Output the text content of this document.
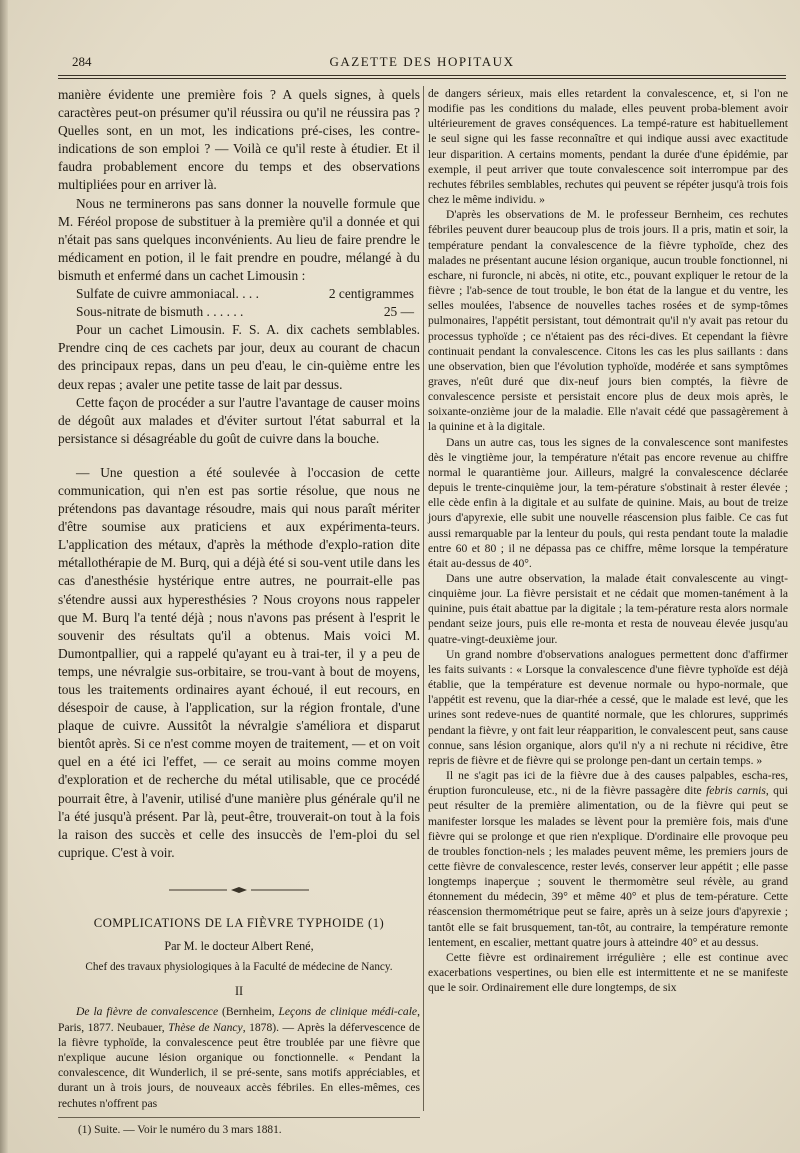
284	GAZETTE DES HOPITAUX

manière évidente une première fois ? A quels signes, à quels caractères peut-on présumer qu'il réussira ou qu'il ne réussira pas ? Quelles sont, en un mot, les indications pré-cises, les contre-indications de son emploi ? — Voilà ce qu'il reste à étudier. Et il faudra probablement encore du temps et des observations multipliées pour en arriver là.

Nous ne terminerons pas sans donner la nouvelle formule que M. Féréol propose de substituer à la première qu'il a donnée et qui n'était pas sans quelques inconvénients. Au lieu de faire prendre le médicament en potion, il le fait prendre en poudre, mélangé à du bismuth et enfermé dans un cachet Limousin :

Sulfate de cuivre ammoniacal. . . .	2 centigrammes
Sous-nitrate de bismuth . . . . . .	25 —

Pour un cachet Limousin. F. S. A. dix cachets semblables. Prendre cinq de ces cachets par jour, deux au courant de chacun des principaux repas, dans un peu d'eau, le cin-quième entre les deux repas ; avaler une petite tasse de lait par dessus.

Cette façon de procéder a sur l'autre l'avantage de causer moins de dégoût aux malades et d'éviter surtout l'état saburral et la persistance si désagréable du goût de cuivre dans la bouche.

— Une question a été soulevée à l'occasion de cette communication, qui n'en est pas sortie résolue, que nous ne prétendons pas davantage résoudre, mais qui nous paraît mériter d'être soumise aux praticiens et aux expérimenta-teurs. L'application des métaux, d'après la méthode d'explo-ration dite métallothérapie de M. Burq, qui a déjà été si sou-vent utile dans les cas d'anesthésie hystérique entre autres, ne pourrait-elle pas s'étendre aussi aux hyperesthésies ? Nous croyons nous rappeler que M. Burq l'a tenté déjà ; nous n'avons pas présent à l'esprit le souvenir des résultats qu'il a obtenus. Mais voici M. Dumontpallier, qui a rappelé qu'ayant eu à trai-ter, il y a peu de temps, une névralgie sus-orbitaire, se trou-vant à bout de moyens, tous les traitements ordinaires ayant échoué, il eut recours, en désespoir de cause, à l'application, sur la région frontale, d'une plaque de cuivre. Aussitôt la névralgie s'améliora et disparut bientôt après. Si ce n'est comme moyen de traitement, — et on voit quel en a été ici l'effet, — ce serait au moins comme moyen d'exploration et de recherche du métal utilisable, que ce procédé pourrait être, à l'avenir, utilisé d'une manière plus générale qu'il ne l'a été jusqu'à présent. Par là, peut-être, trouverait-on tout à la fois la raison des succès et celle des insuccès de l'em-ploi du sel cuprique. C'est à voir.

COMPLICATIONS DE LA FIÈVRE TYPHOIDE (1)
Par M. le docteur Albert René,
Chef des travaux physiologiques à la Faculté de médecine de Nancy.
II

De la fièvre de convalescence (Bernheim, Leçons de clinique médi-cale, Paris, 1877. Neubauer, Thèse de Nancy, 1878). — Après la défervescence de la fièvre typhoïde, la convalescence peut être troublée par une fièvre que n'explique aucune lésion organique ou fonctionnelle. « Pendant la convalescence, dit Wunderlich, il se pré-sente, sans motifs appréciables, et durant un à trois jours, de nouveaux accès fébriles. En elles-mêmes, ces rechutes n'offrent pas

(1) Suite. — Voir le numéro du 3 mars 1881.

de dangers sérieux, mais elles retardent la convalescence, et, si l'on ne modifie pas les conditions du malade, elles peuvent proba-blement avoir ultérieurement de graves conséquences. La tempé-rature est habituellement le seul signe qui les fasse reconnaître et qui indique aussi avec exactitude leur disparition. A certains moments, pendant la durée d'une épidémie, par exemple, il peut arriver que toute convalescence soit interrompue par des rechutes fébriles semblables, rechutes qui peuvent se répéter jusqu'à trois fois chez le même individu. »

D'après les observations de M. le professeur Bernheim, ces rechutes fébriles peuvent durer beaucoup plus de trois jours. Il a pris, matin et soir, la température pendant la convalescence de la fièvre typhoïde, chez des malades ne présentant aucune lésion organique, aucun trouble fonctionnel, ni eschare, ni furoncle, ni abcès, ni otite, etc., pouvant expliquer le retour de la fièvre ; l'ab-sence de tout trouble, le bon état de la langue et du ventre, les selles moulées, l'absence de nouvelles taches rosées et de symp-tômes pulmonaires, l'appétit persistant, tout démontrait qu'il n'y avait pas retour du processus typhoïde ; ce n'étaient pas des réci-dives. Et cependant la fièvre continuait pendant la convalescence. Citons les cas les plus saillants : dans une observation, bien que l'évolution typhoïde, modérée et sans symptômes graves, n'eût duré que dix-neuf jours bien comptés, la fièvre de convalescence persiste et persistait encore plus de deux mois après, le soixante-onzième jour de la maladie. Elle n'avait cédé que passagèrement à la quinine et à la digitale.

Dans un autre cas, tous les signes de la convalescence sont manifestes dès le vingtième jour, la température n'était pas encore revenue au chiffre normal le quarantième jour. Ailleurs, malgré la convalescence déclarée depuis le trente-cinquième jour, la tem-pérature s'obstinait à rester élevée ; elle cède enfin à la digitale et au sulfate de quinine. Mais, au bout de treize jours d'apyrexie, elle subit une nouvelle réascension plus faible. Ce cas fut aussi remarquable par la lenteur du pouls, qui resta pendant toute la maladie entre 60 et 80 ; il ne dépassa pas ce chiffre, même lorsque la température était au-dessus de 40°.

Dans une autre observation, la malade était convalescente au vingt-cinquième jour. La fièvre persistait et ne cédait que momen-tanément à la quinine, puis était abattue par la digitale ; la tem-pérature resta alors normale pendant seize jours, puis elle re-monta et resta de nouveau élevée jusqu'au quatre-vingt-deuxième jour.

Un grand nombre d'observations analogues permettent donc d'affirmer les faits suivants : « Lorsque la convalescence d'une fièvre typhoïde est déjà établie, que la température est devenue normale ou hypo-normale, que l'appétit est revenu, que la diar-rhée a cessé, que le malade est levé, que les urines sont redeve-nues de quantité normale, que les chlorures, supprimés pendant la fièvre, y ont fait leur réapparition, le convalescent peut, sans cause connue, sans lésion organique, alors qu'il n'y a ni rechute ni récidive, être repris de fièvre et de fièvre qui se prolonge pen-dant un certain temps. »

Il ne s'agit pas ici de la fièvre due à des causes palpables, escha-res, éruption furonculeuse, etc., ni de la fièvre passagère dite febris carnis, qui peut résulter de la première alimentation, ou de la fièvre qui peut se manifester lorsque les malades se lèvent pour la première fois, mais d'une fièvre qui se prolonge et que rien n'explique. D'ordinaire elle provoque peu de troubles fonction-nels ; les malades peuvent même, les premiers jours de cette fièvre de convalescence, rester levés, conserver leur appétit ; elle passe longtemps inaperçue ; souvent le thermomètre seul révèle, au grand étonnement du médecin, 39° et même 40° et plus de tem-pérature. Cette réascension thermométrique peut se faire, après un à seize jours d'apyrexie ; tantôt elle se fait brusquement, tan-tôt, au contraire, la température remonte lentement, en escalier, mettant quatre jours à atteindre 40° et au dessus.

Cette fièvre est ordinairement irrégulière ; elle est continue avec exacerbations vespertines, ou bien elle est intermittente et ne se manifeste que le soir. Ordinairement elle dure longtemps, de six
